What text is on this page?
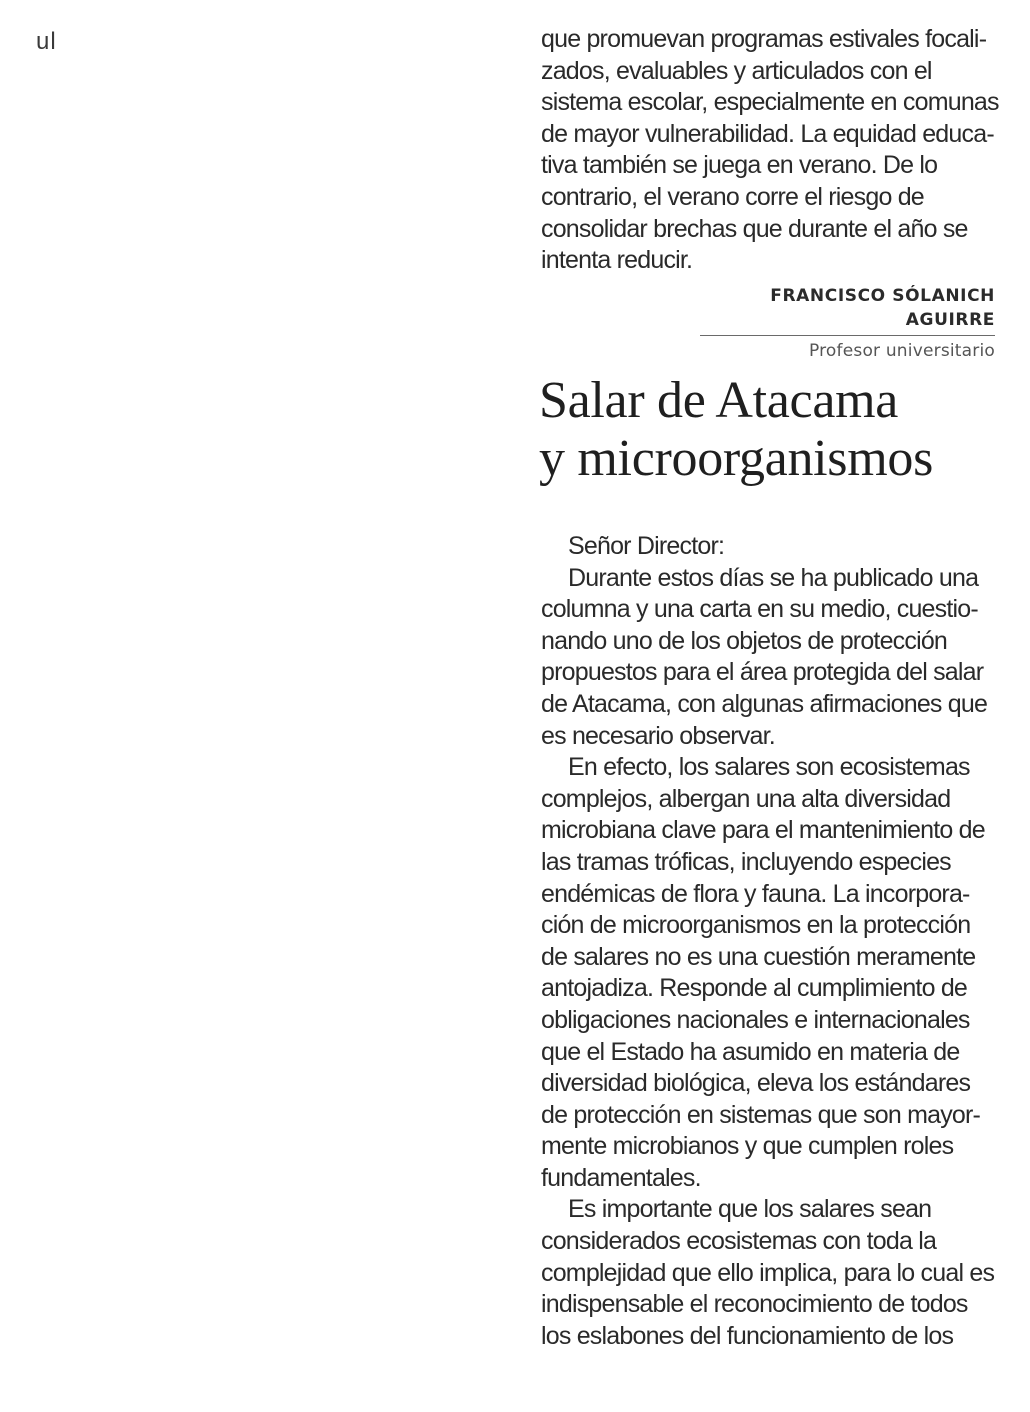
ul	que promuevan programas estivales focali-
zados, evaluables y articulados con el
sistema escolar, especialmente en comunas
de mayor vulnerabilidad. La equidad educa-
tiva también se juega en verano. De lo
contrario, el verano corre el riesgo de
consolidar brechas que durante el año se
intenta reducir.
FRANCISCO SÓLANICH AGUIRRE
Profesor universitario
Salar de Atacama
y microorganismos
Señor Director:
Durante estos días se ha publicado una
columna y una carta en su medio, cuestio-
nando uno de los objetos de protección
propuestos para el área protegida del salar
de Atacama, con algunas afirmaciones que
es necesario observar.
En efecto, los salares son ecosistemas
complejos, albergan una alta diversidad
microbiana clave para el mantenimiento de
las tramas tróficas, incluyendo especies
endémicas de flora y fauna. La incorpora-
ción de microorganismos en la protección
de salares no es una cuestión meramente
antojadiza. Responde al cumplimiento de
obligaciones nacionales e internacionales
que el Estado ha asumido en materia de
diversidad biológica, eleva los estándares
de protección en sistemas que son mayor-
mente microbianos y que cumplen roles
fundamentales.
Es importante que los salares sean
considerados ecosistemas con toda la
complejidad que ello implica, para lo cual es
indispensable el reconocimiento de todos
los eslabones del funcionamiento de los
